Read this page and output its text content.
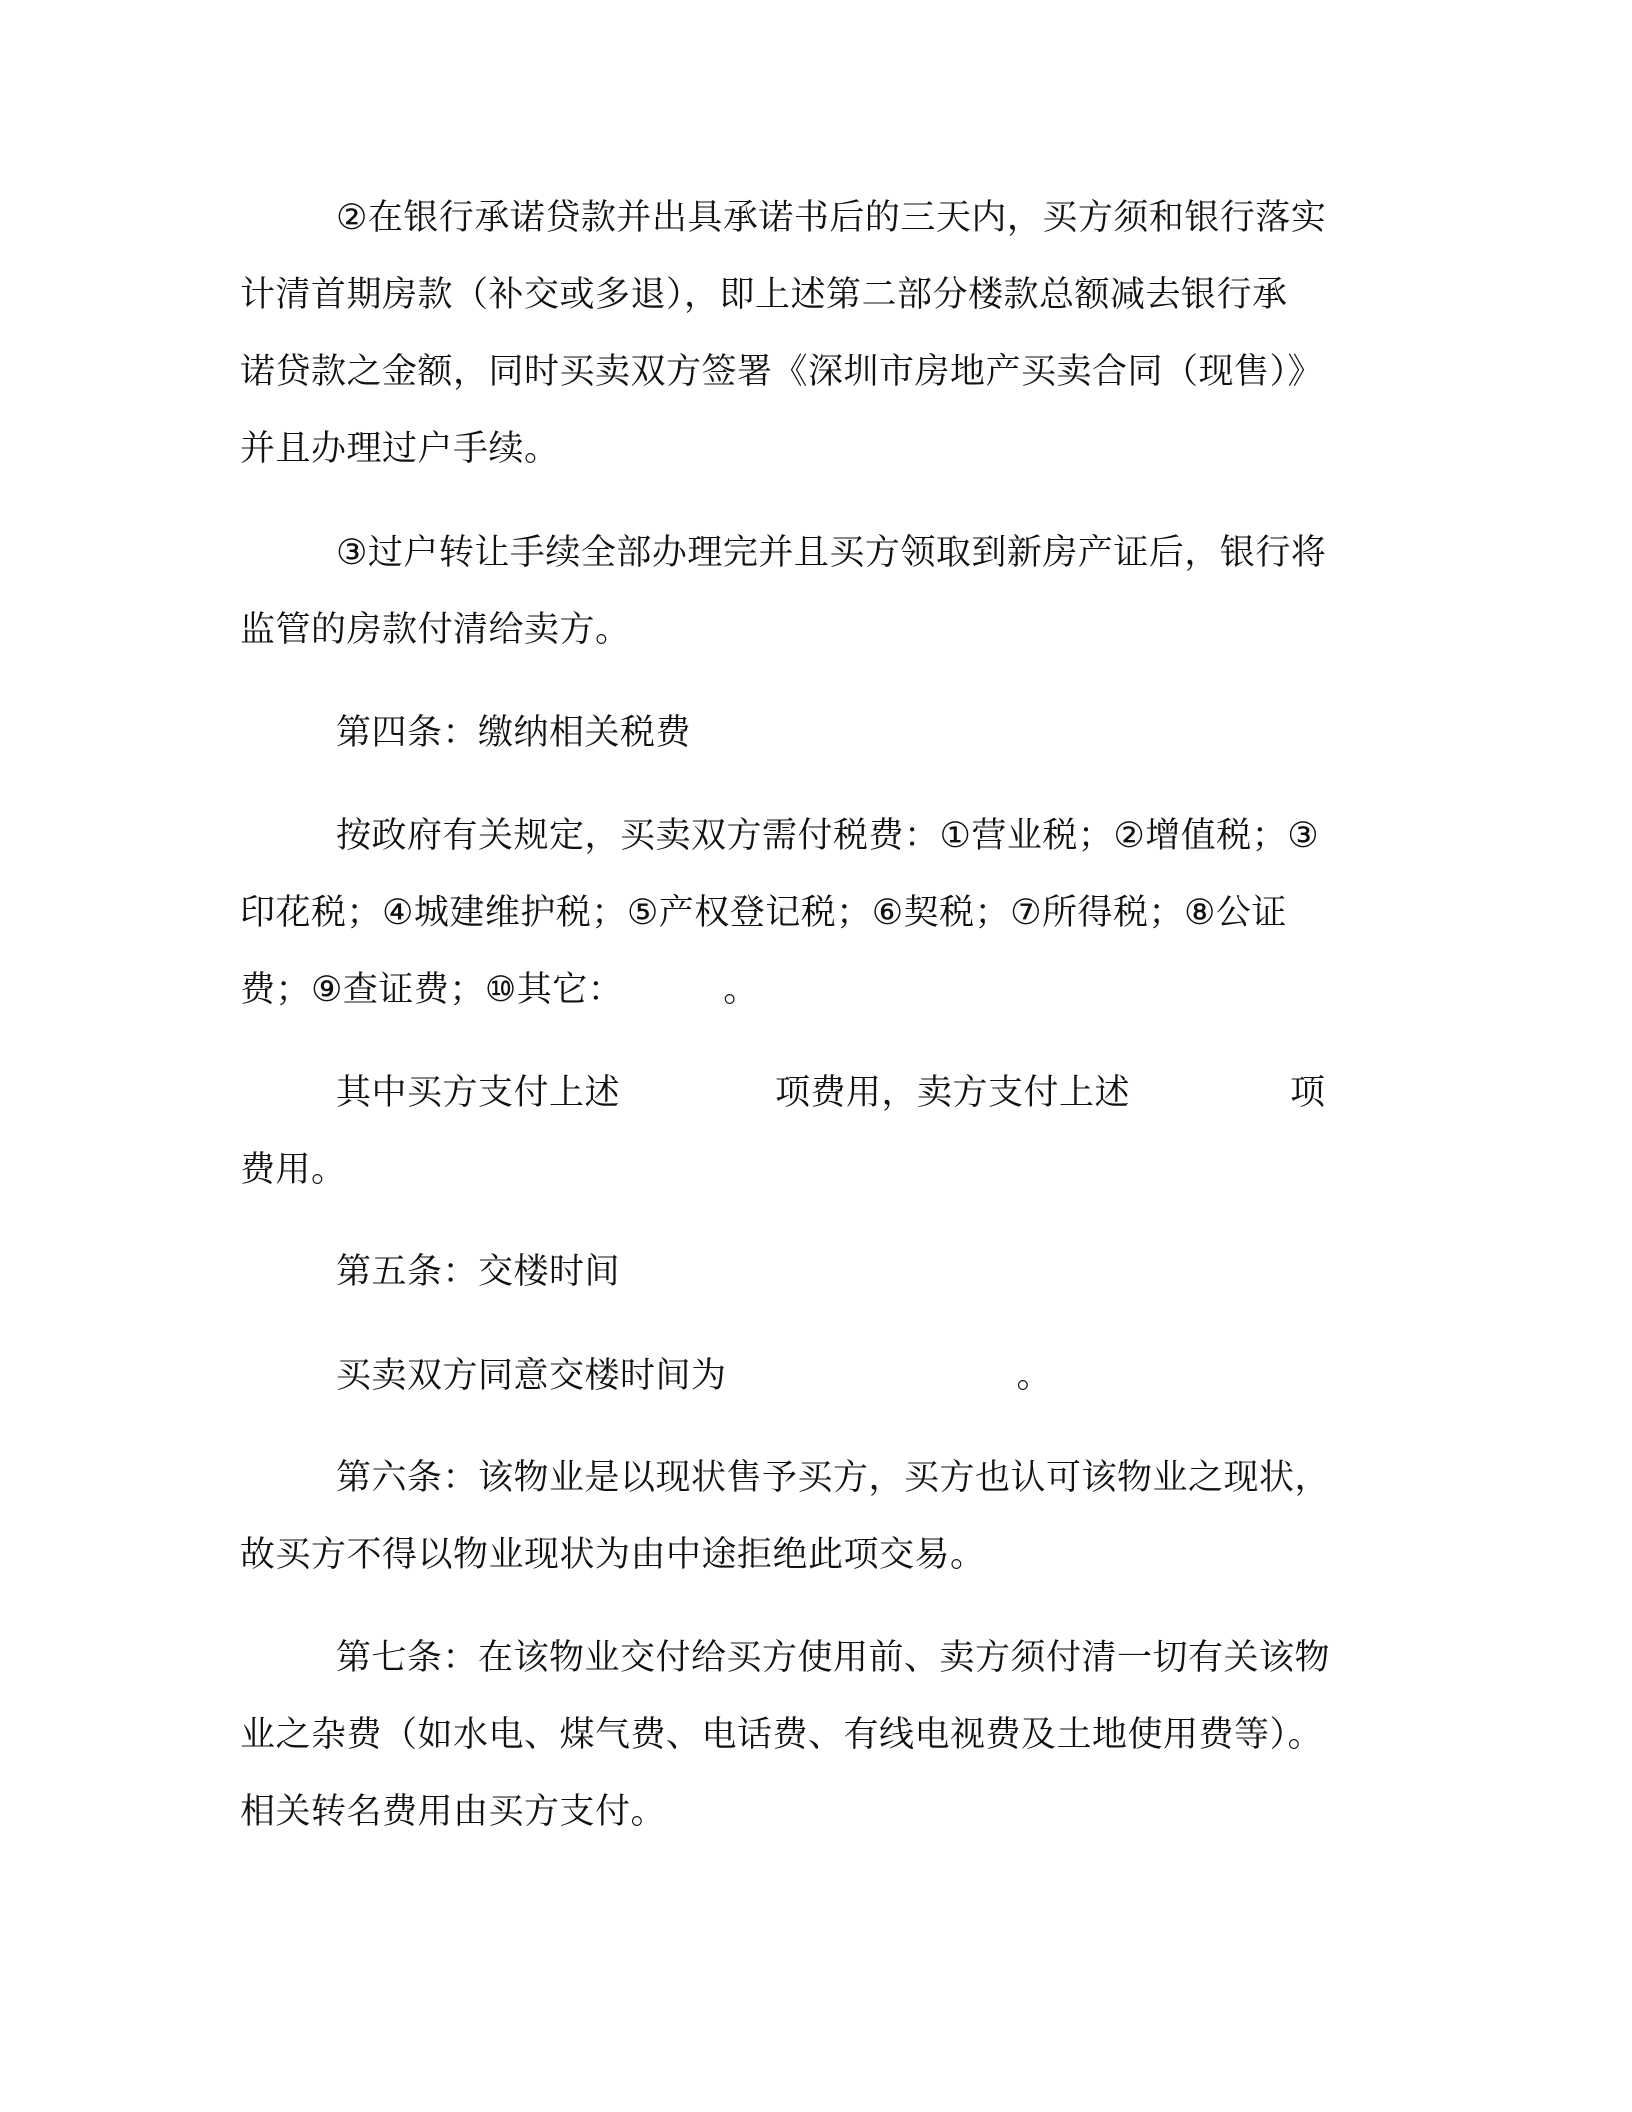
②在银行承诺贷款并出具承诺书后的三天内，买方须和银行落实
计清首期房款（补交或多退），即上述第二部分楼款总额减去银行承
诺贷款之金额，同时买卖双方签署《深圳市房地产买卖合同（现售）》
并且办理过户手续。
③过户转让手续全部办理完并且买方领取到新房产证后，银行将
监管的房款付清给卖方。
第四条：缴纳相关税费
按政府有关规定，买卖双方需付税费：①营业税；②增值税；③
印花税；④城建维护税；⑤产权登记税；⑥契税；⑦所得税；⑧公证
费；⑨查证费；⑩其它：	。
其中买方支付上述	项费用，卖方支付上述	项
费用。
第五条：交楼时间
买卖双方同意交楼时间为	。
第六条：该物业是以现状售予买方，买方也认可该物业之现状，
故买方不得以物业现状为由中途拒绝此项交易。
第七条：在该物业交付给买方使用前、卖方须付清一切有关该物
业之杂费（如水电、煤气费、电话费、有线电视费及土地使用费等）。
相关转名费用由买方支付。
